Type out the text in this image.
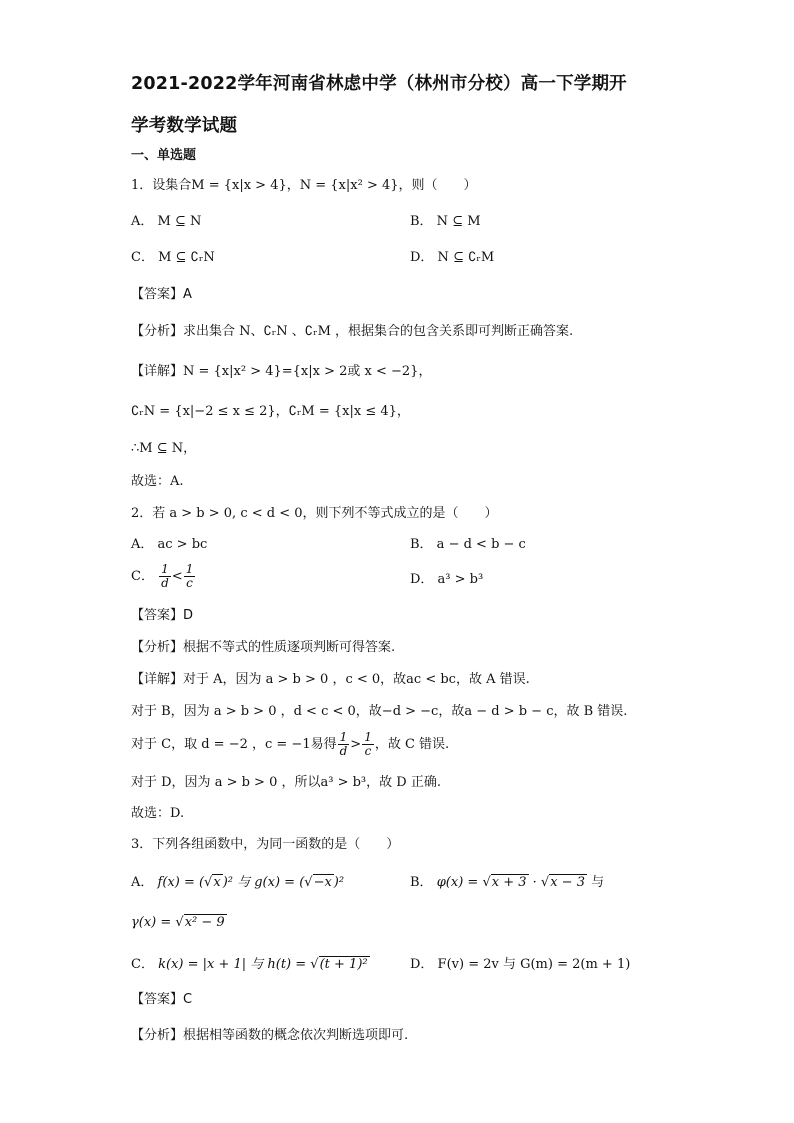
2021-2022学年河南省林虑中学（林州市分校）高一下学期开
学考数学试题
一、单选题
1．设集合M = {x|x > 4}，N = {x|x² > 4}，则（　　）
A． M ⊆ N	B． N ⊆ M
C． M ⊆ ∁ᵣN	D． N ⊆ ∁ᵣM
【答案】A
【分析】求出集合 N、∁ᵣN 、∁ᵣM ，根据集合的包含关系即可判断正确答案.
【详解】N = {x|x² > 4}={x|x > 2或 x < −2}，
∁ᵣN = {x|−2 ≤ x ≤ 2}，∁ᵣM = {x|x ≤ 4}，
∴M ⊆ N，
故选：A.
2．若 a > b > 0, c < d < 0，则下列不等式成立的是（　　）
A． ac > bc	B． a − d < b − c
C． $\frac{1}{d} < \frac{1}{c}$	D． a³ > b³
【答案】D
【分析】根据不等式的性质逐项判断可得答案.
【详解】对于 A，因为 a > b > 0 ，c < 0，故ac < bc，故 A 错误.
对于 B，因为 a > b > 0 ，d < c < 0，故−d > −c，故a − d > b − c，故 B 错误.
对于 C，取 d = −2 ，c = −1易得 $\frac{1}{d} > \frac{1}{c}$ ，故 C 错误.
对于 D，因为 a > b > 0 ，所以a³ > b³，故 D 正确.
故选：D.
3．下列各组函数中，为同一函数的是（　　）
A． f(x) = (√x )² 与 g(x) = (√−x )²	B． φ(x) = √x + 3 · √x − 3 与
γ(x) = √x² − 9
C． k(x) = |x + 1| 与 h(t) = √(t + 1)²	D． F(v) = 2v 与 G(m) = 2(m + 1)
【答案】C
【分析】根据相等函数的概念依次判断选项即可.
